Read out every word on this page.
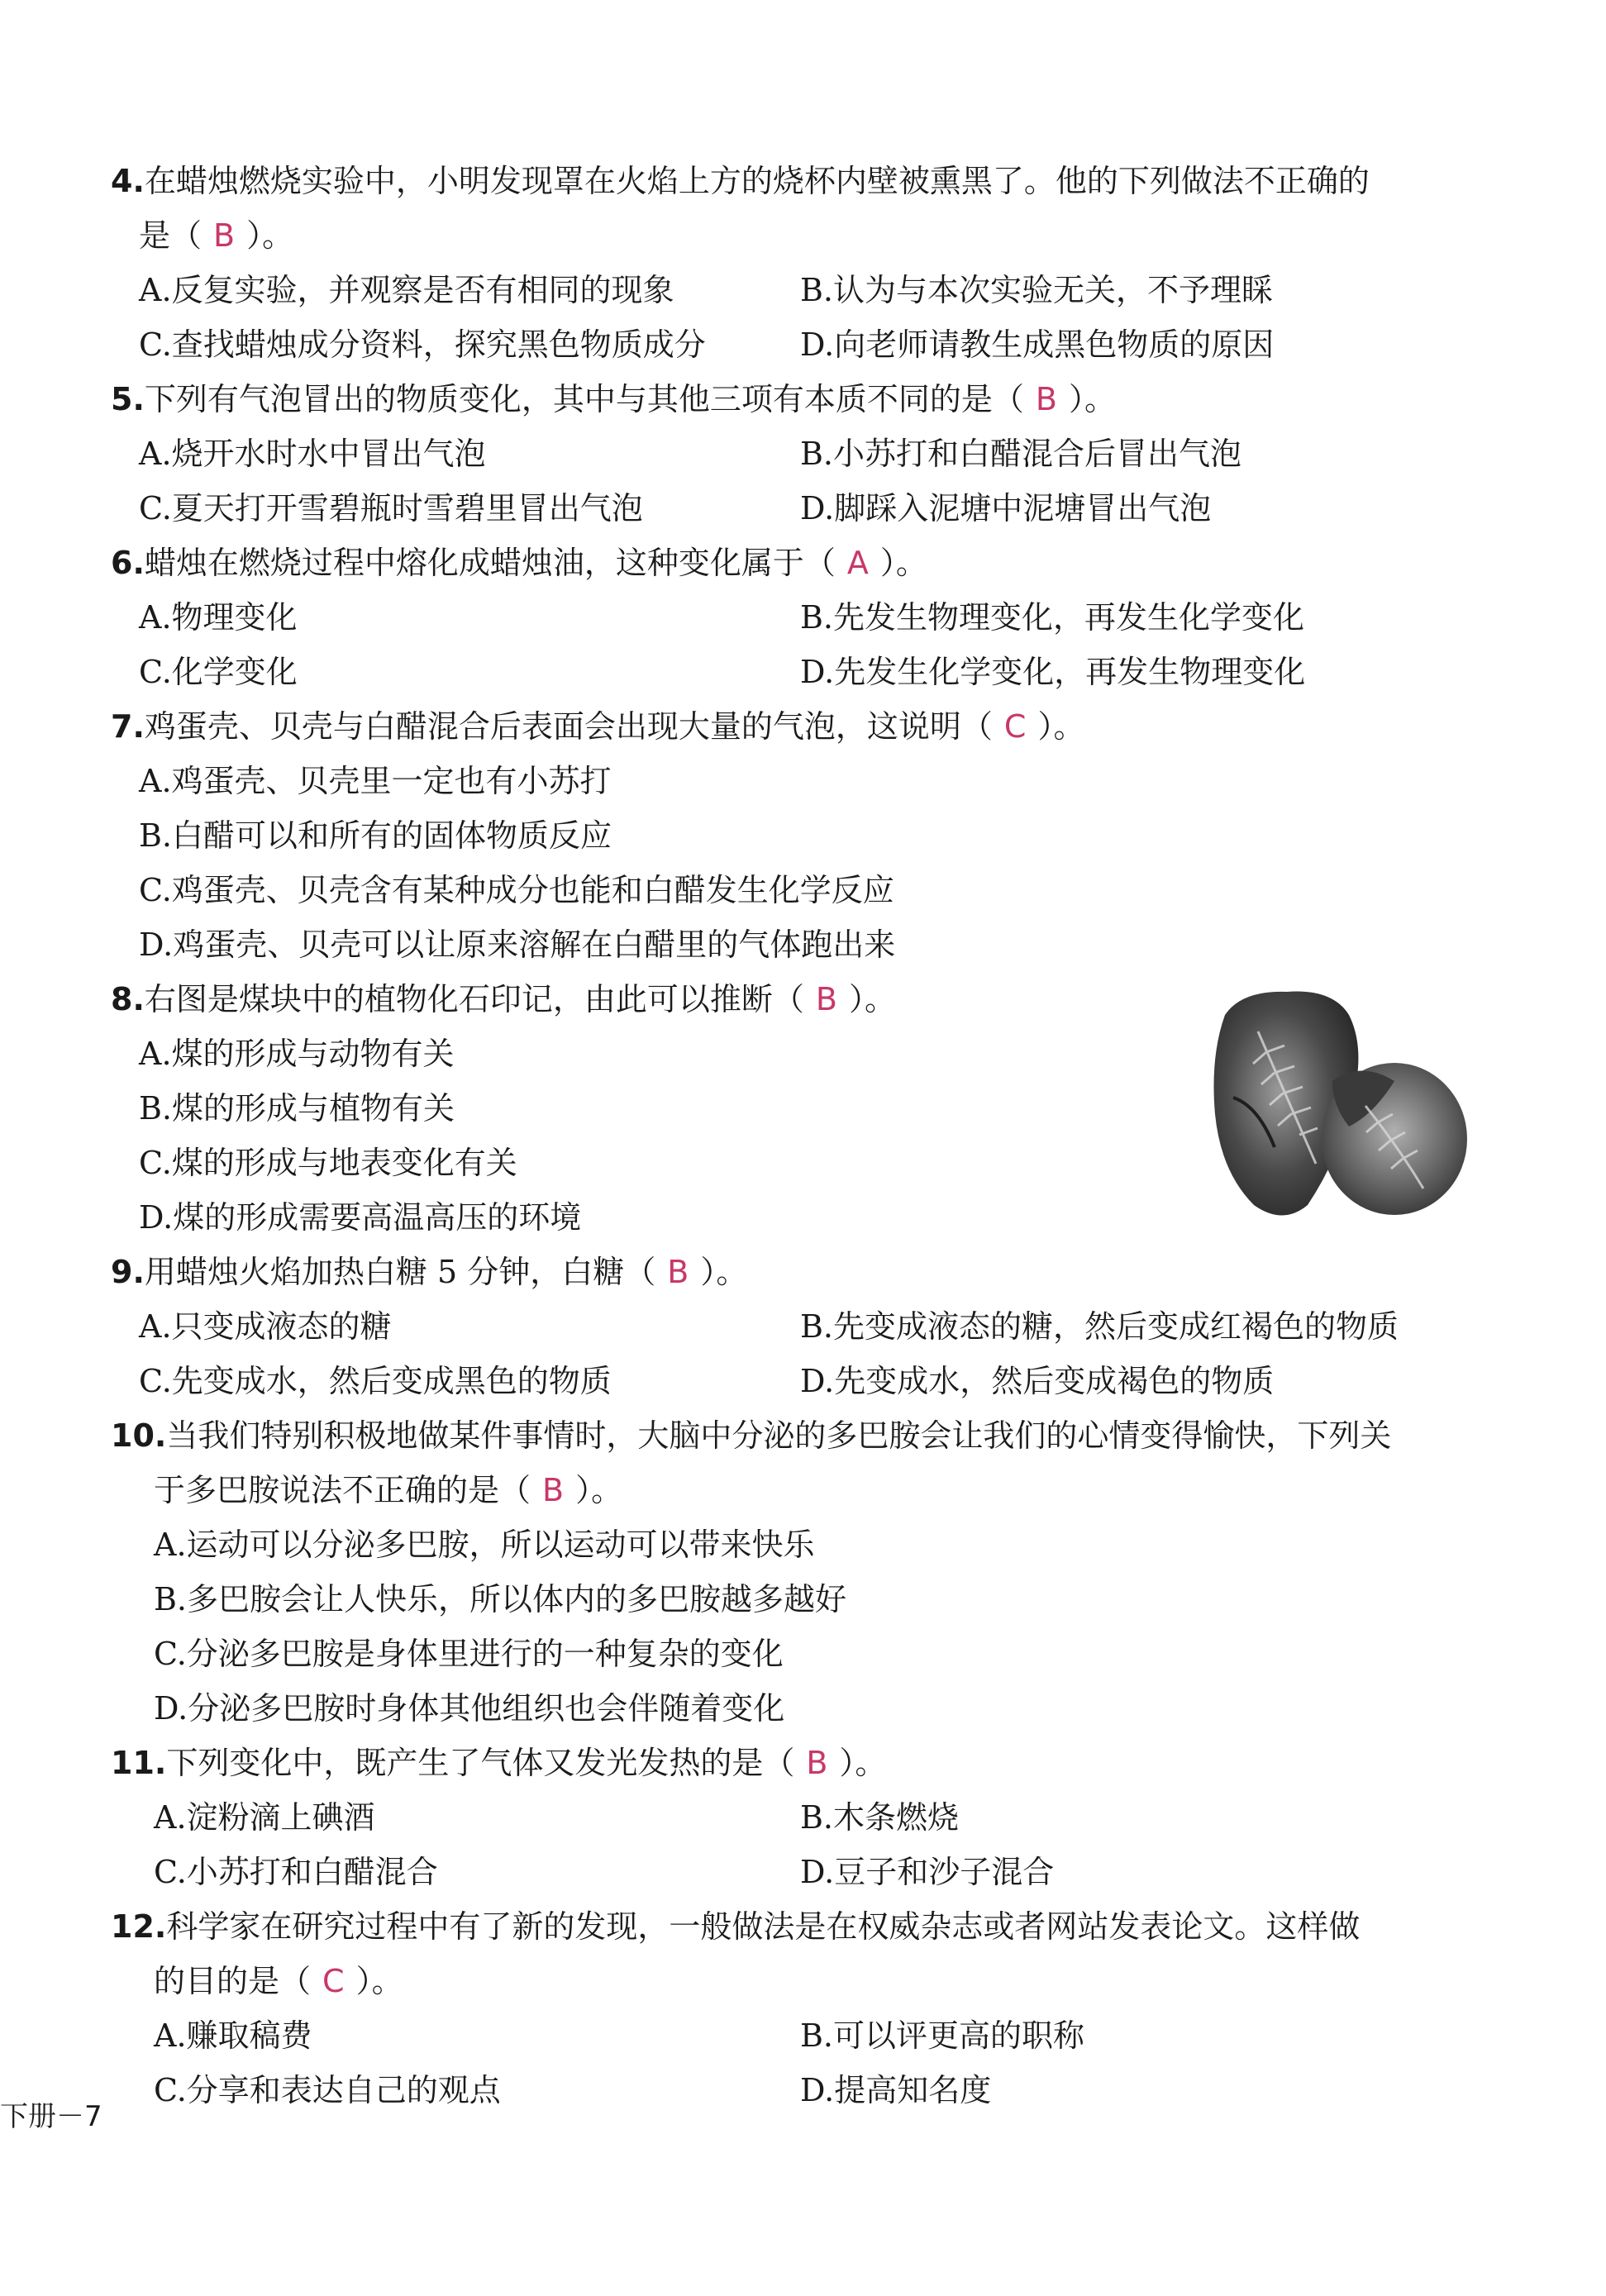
4.在蜡烛燃烧实验中，小明发现罩在火焰上方的烧杯内壁被熏黑了。他的下列做法不正确的
是（ B ）。
A.反复实验，并观察是否有相同的现象	B.认为与本次实验无关，不予理睬
C.查找蜡烛成分资料，探究黑色物质成分	D.向老师请教生成黑色物质的原因
5.下列有气泡冒出的物质变化，其中与其他三项有本质不同的是（ B ）。
A.烧开水时水中冒出气泡	B.小苏打和白醋混合后冒出气泡
C.夏天打开雪碧瓶时雪碧里冒出气泡	D.脚踩入泥塘中泥塘冒出气泡
6.蜡烛在燃烧过程中熔化成蜡烛油，这种变化属于（ A ）。
A.物理变化	B.先发生物理变化，再发生化学变化
C.化学变化	D.先发生化学变化，再发生物理变化
7.鸡蛋壳、贝壳与白醋混合后表面会出现大量的气泡，这说明（ C ）。
A.鸡蛋壳、贝壳里一定也有小苏打
B.白醋可以和所有的固体物质反应
C.鸡蛋壳、贝壳含有某种成分也能和白醋发生化学反应
D.鸡蛋壳、贝壳可以让原来溶解在白醋里的气体跑出来
8.右图是煤块中的植物化石印记，由此可以推断（ B ）。
A.煤的形成与动物有关
B.煤的形成与植物有关
C.煤的形成与地表变化有关
D.煤的形成需要高温高压的环境
9.用蜡烛火焰加热白糖 5 分钟，白糖（ B ）。
A.只变成液态的糖	B.先变成液态的糖，然后变成红褐色的物质
C.先变成水，然后变成黑色的物质	D.先变成水，然后变成褐色的物质
10.当我们特别积极地做某件事情时，大脑中分泌的多巴胺会让我们的心情变得愉快，下列关
于多巴胺说法不正确的是（ B ）。
A.运动可以分泌多巴胺，所以运动可以带来快乐
B.多巴胺会让人快乐，所以体内的多巴胺越多越好
C.分泌多巴胺是身体里进行的一种复杂的变化
D.分泌多巴胺时身体其他组织也会伴随着变化
11.下列变化中，既产生了气体又发光发热的是（ B ）。
A.淀粉滴上碘酒	B.木条燃烧
C.小苏打和白醋混合	D.豆子和沙子混合
12.科学家在研究过程中有了新的发现，一般做法是在权威杂志或者网站发表论文。这样做
的目的是（ C ）。
A.赚取稿费	B.可以评更高的职称
C.分享和表达自己的观点	D.提高知名度
下册－7
